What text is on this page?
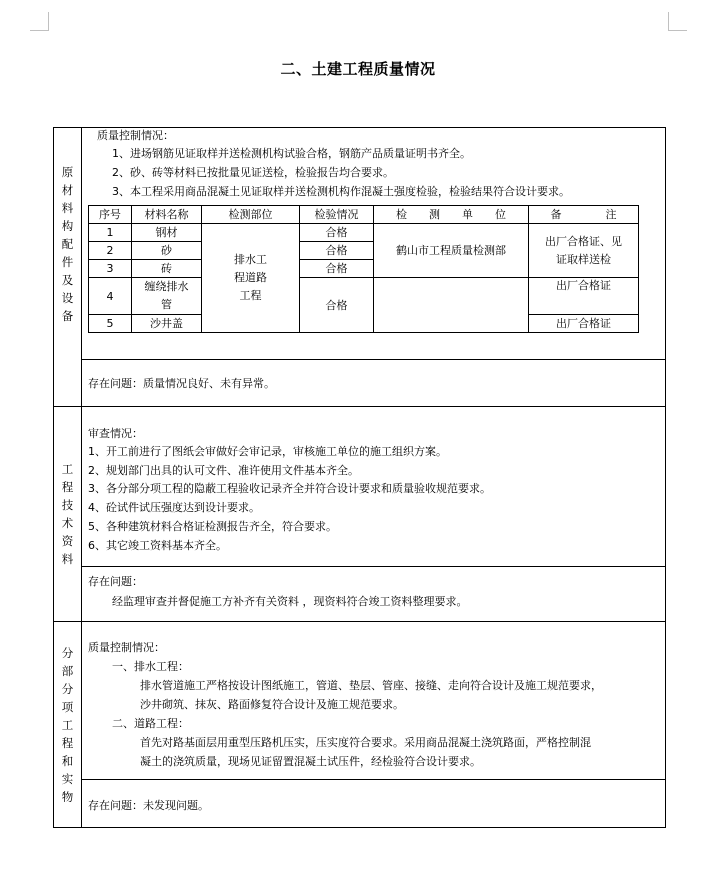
二、土建工程质量情况
原
材
料
构
配
件
及
设
备
质量控制情况：
1、进场钢筋见证取样并送检测机构试验合格，钢筋产品质量证明书齐全。
2、砂、砖等材料已按批量见证送检，检验报告均合要求。
3、本工程采用商品混凝土见证取样并送检测机构作混凝土强度检验，检验结果符合设计要求。
序号	材料名称	检测部位	检验情况	检　　测　　单　　位	备　　　　注
1	钢材	排水工程道路工程	合格	鹤山市工程质量检测部	出厂合格证、见证取样送检
2	砂		合格		
3	砖		合格		
4	缠绕排水管		合格		出厂合格证
5	沙井盖				出厂合格证
存在问题：质量情况良好、未有异常。
工
程
技
术
资
料
审查情况：
1、开工前进行了图纸会审做好会审记录，审核施工单位的施工组织方案。
2、规划部门出具的认可文件、准许使用文件基本齐全。
3、各分部分项工程的隐蔽工程验收记录齐全并符合设计要求和质量验收规范要求。
4、砼试件试压强度达到设计要求。
5、各种建筑材料合格证检测报告齐全，符合要求。
6、其它竣工资料基本齐全。
存在问题：
经监理审查并督促施工方补齐有关资料 ，现资料符合竣工资料整理要求。
分
部
分
项
工
程
和
实
物
质量控制情况：
一、排水工程：
排水管道施工严格按设计图纸施工，管道、垫层、管座、接缝、走向符合设计及施工规范要求，
沙井砌筑、抹灰、路面修复符合设计及施工规范要求。
二、道路工程：
首先对路基面层用重型压路机压实，压实度符合要求。采用商品混凝土浇筑路面，严格控制混
凝土的浇筑质量，现场见证留置混凝土试压件，经检验符合设计要求。
存在问题：未发现问题。
